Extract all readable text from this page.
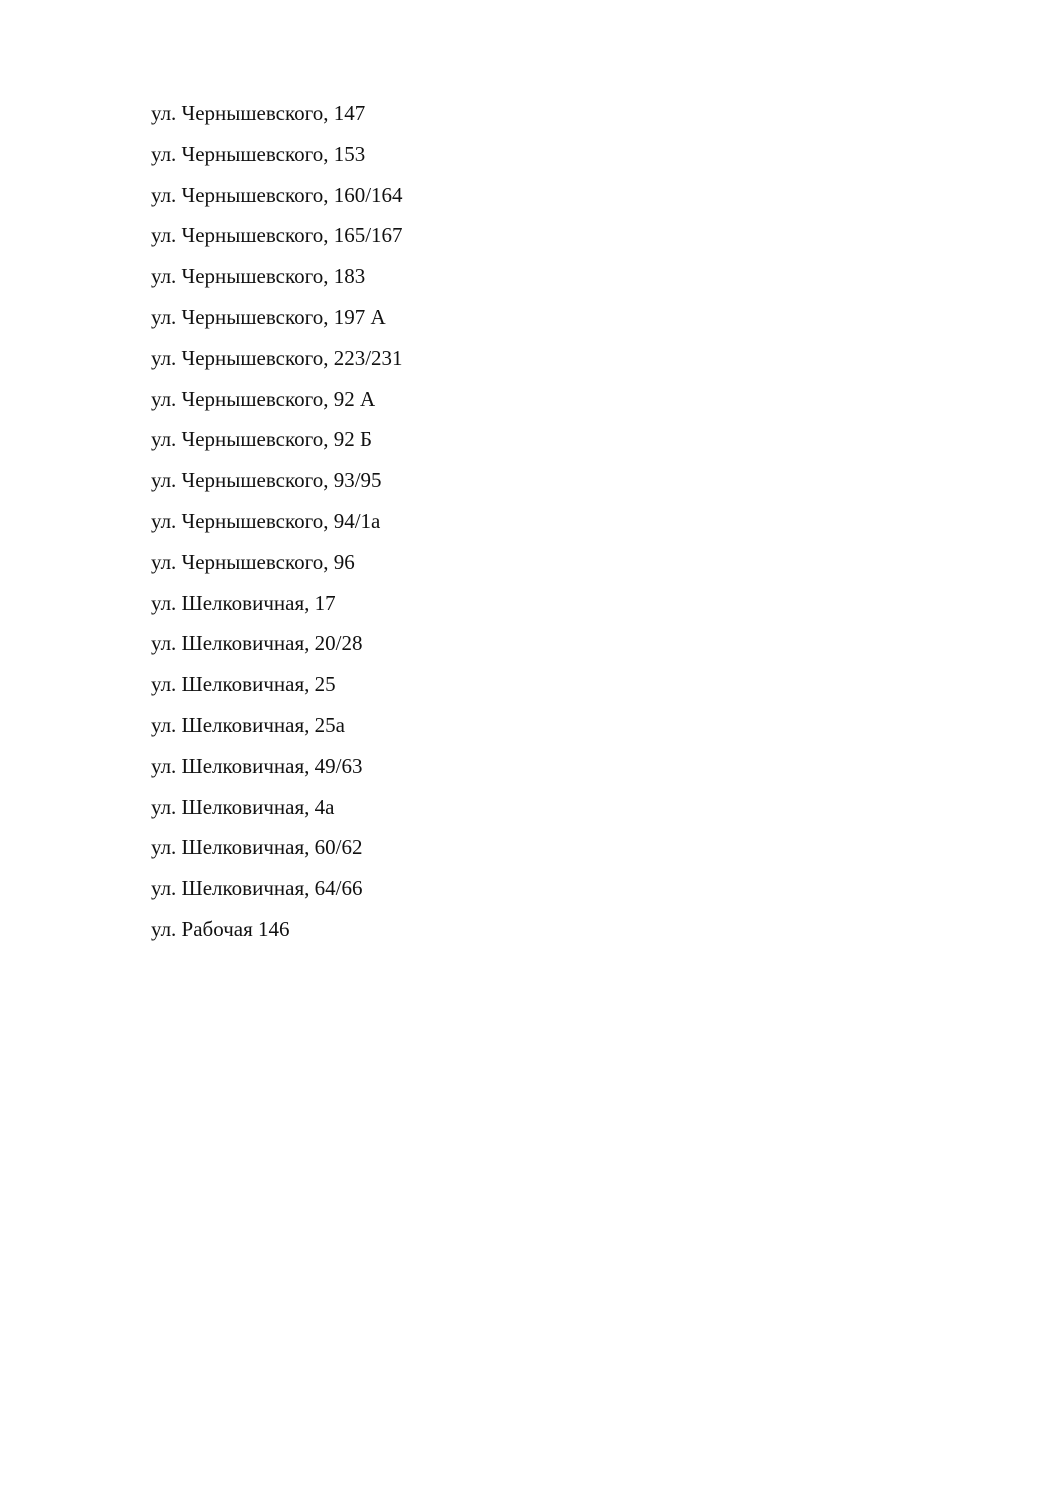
ул. Чернышевского, 147
ул. Чернышевского, 153
ул. Чернышевского, 160/164
ул. Чернышевского, 165/167
ул. Чернышевского, 183
ул. Чернышевского, 197 А
ул. Чернышевского, 223/231
ул. Чернышевского, 92 А
ул. Чернышевского, 92 Б
ул. Чернышевского, 93/95
ул. Чернышевского, 94/1а
ул. Чернышевского, 96
ул. Шелковичная, 17
ул. Шелковичная, 20/28
ул. Шелковичная, 25
ул. Шелковичная, 25а
ул. Шелковичная, 49/63
ул. Шелковичная, 4а
ул. Шелковичная, 60/62
ул. Шелковичная, 64/66
ул. Рабочая 146
